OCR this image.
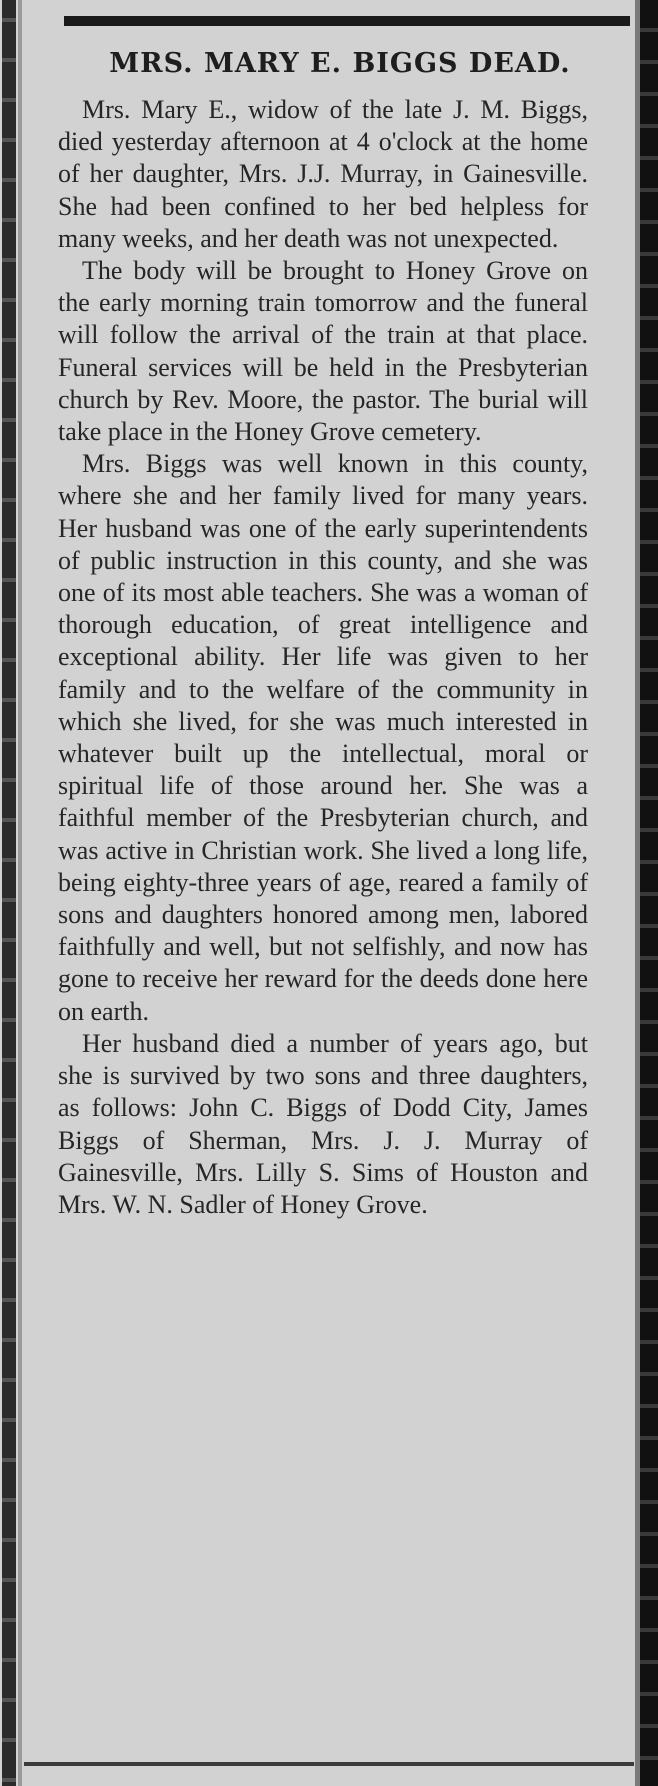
MRS. MARY E. BIGGS DEAD.

Mrs. Mary E., widow of the late J. M. Biggs, died yesterday afternoon at 4 o'clock at the home of her daughter, Mrs. J.J. Murray, in Gainesville. She had been confined to her bed helpless for many weeks, and her death was not unexpected.

The body will be brought to Honey Grove on the early morning train tomorrow and the funeral will follow the arrival of the train at that place. Funeral services will be held in the Presbyterian church by Rev. Moore, the pastor. The burial will take place in the Honey Grove cemetery.

Mrs. Biggs was well known in this county, where she and her family lived for many years. Her husband was one of the early superintendents of public instruction in this county, and she was one of its most able teachers. She was a woman of thorough education, of great intelligence and exceptional ability. Her life was given to her family and to the welfare of the community in which she lived, for she was much interested in whatever built up the intellectual, moral or spiritual life of those around her. She was a faithful member of the Presbyterian church, and was active in Christian work. She lived a long life, being eighty-three years of age, reared a family of sons and daughters honored among men, labored faithfully and well, but not selfishly, and now has gone to receive her reward for the deeds done here on earth.

Her husband died a number of years ago, but she is survived by two sons and three daughters, as follows: John C. Biggs of Dodd City, James Biggs of Sherman, Mrs. J. J. Murray of Gainesville, Mrs. Lilly S. Sims of Houston and Mrs. W. N. Sadler of Honey Grove.
